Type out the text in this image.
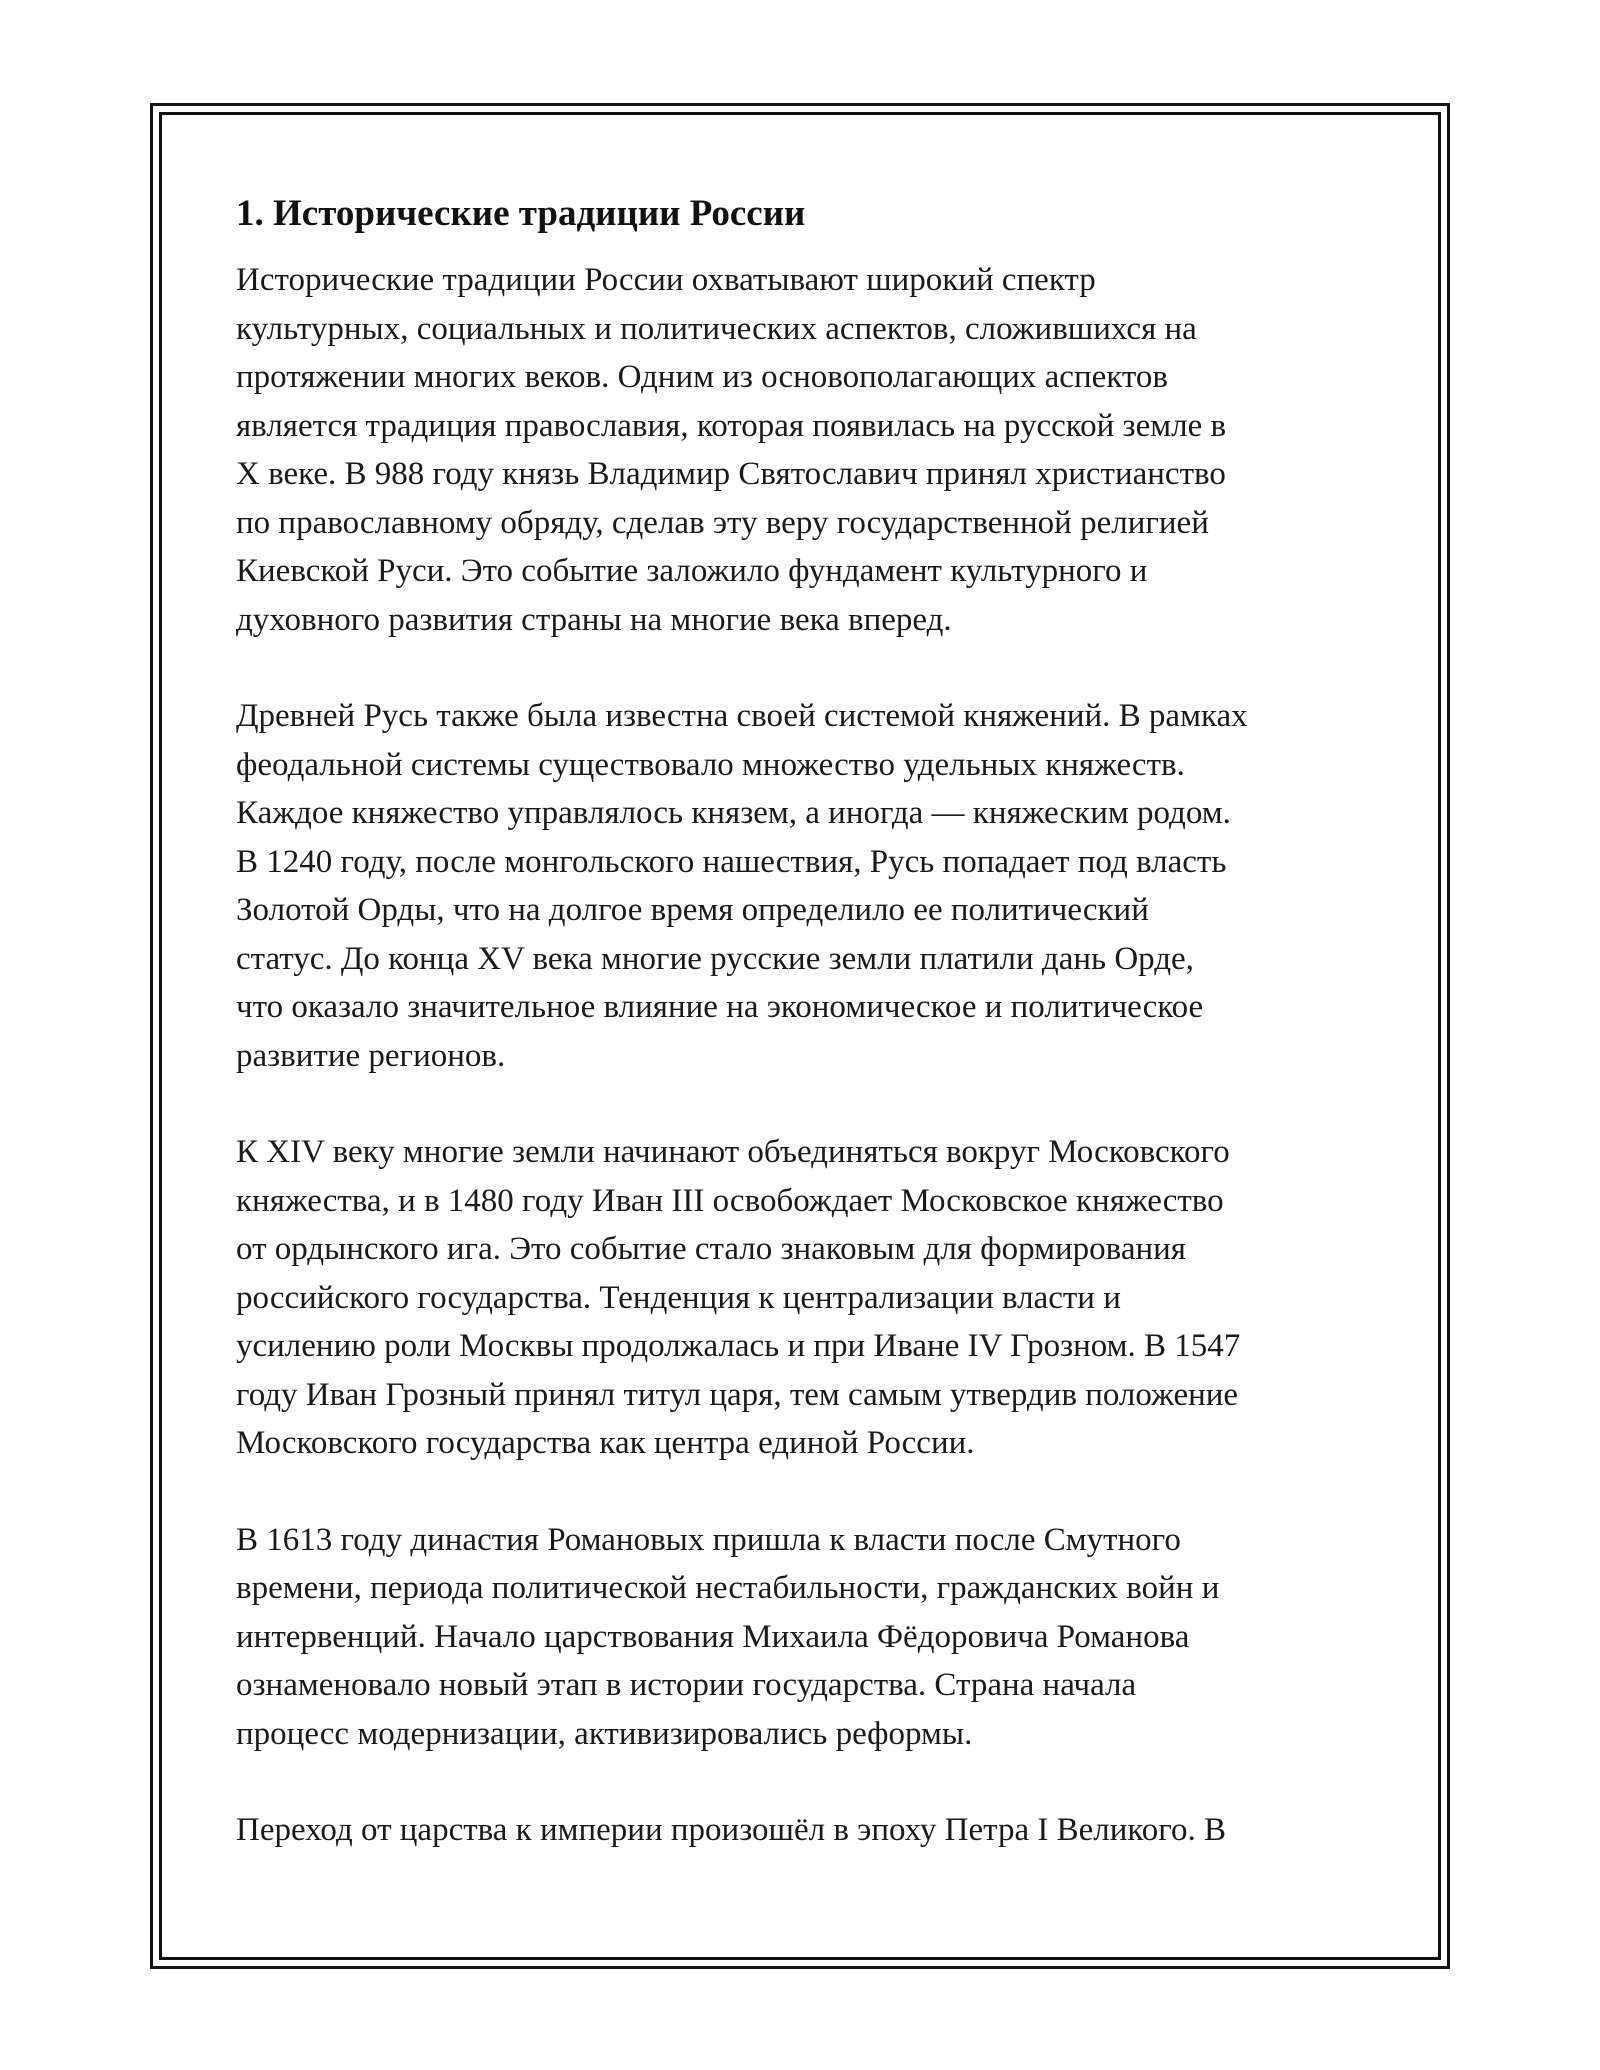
1. Исторические традиции России

Исторические традиции России охватывают широкий спектр
культурных, социальных и политических аспектов, сложившихся на
протяжении многих веков. Одним из основополагающих аспектов
является традиция православия, которая появилась на русской земле в
X веке. В 988 году князь Владимир Святославич принял христианство
по православному обряду, сделав эту веру государственной религией
Киевской Руси. Это событие заложило фундамент культурного и
духовного развития страны на многие века вперед.

Древней Русь также была известна своей системой княжений. В рамках
феодальной системы существовало множество удельных княжеств.
Каждое княжество управлялось князем, а иногда — княжеским родом.
В 1240 году, после монгольского нашествия, Русь попадает под власть
Золотой Орды, что на долгое время определило ее политический
статус. До конца XV века многие русские земли платили дань Орде,
что оказало значительное влияние на экономическое и политическое
развитие регионов.

К XIV веку многие земли начинают объединяться вокруг Московского
княжества, и в 1480 году Иван III освобождает Московское княжество
от ордынского ига. Это событие стало знаковым для формирования
российского государства. Тенденция к централизации власти и
усилению роли Москвы продолжалась и при Иване IV Грозном. В 1547
году Иван Грозный принял титул царя, тем самым утвердив положение
Московского государства как центра единой России.

В 1613 году династия Романовых пришла к власти после Смутного
времени, периода политической нестабильности, гражданских войн и
интервенций. Начало царствования Михаила Фёдоровича Романова
ознаменовало новый этап в истории государства. Страна начала
процесс модернизации, активизировались реформы.

Переход от царства к империи произошёл в эпоху Петра I Великого. В
